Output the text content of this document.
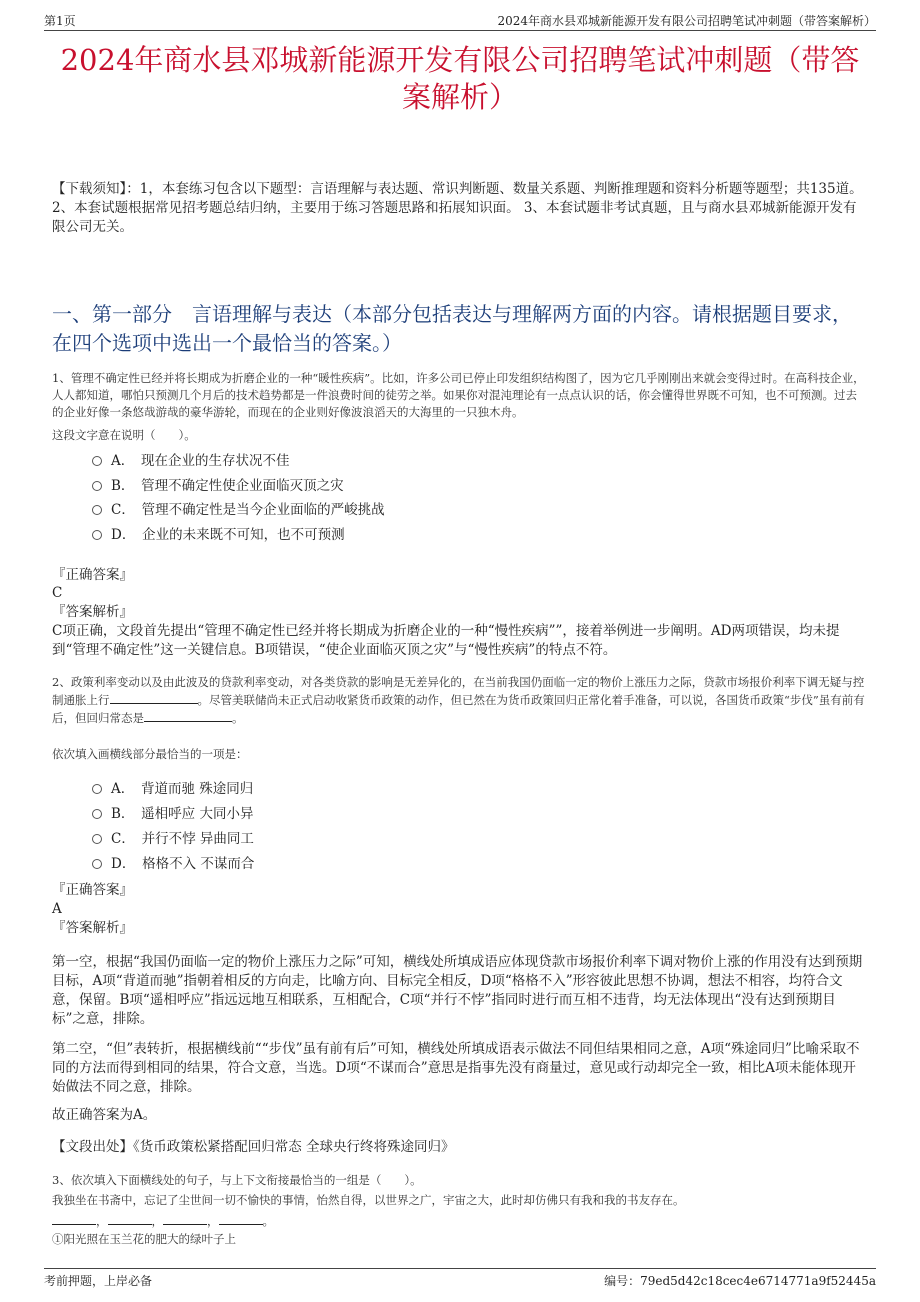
第1页	2024年商水县邓城新能源开发有限公司招聘笔试冲刺题（带答案解析）
2024年商水县邓城新能源开发有限公司招聘笔试冲刺题（带答案解析）

【下载须知】：1，本套练习包含以下题型：言语理解与表达题、常识判断题、数量关系题、判断推理题和资料分析题等题型；共135道。 2、本套试题根据常见招考题总结归纳，主要用于练习答题思路和拓展知识面。 3、本套试题非考试真题，且与商水县邓城新能源开发有限公司无关。

一、第一部分　言语理解与表达（本部分包括表达与理解两方面的内容。请根据题目要求，在四个选项中选出一个最恰当的答案。）

1、管理不确定性已经并将长期成为折磨企业的一种“暖性疾病”。比如，许多公司已停止印发组织结构图了，因为它几乎刚刚出来就会变得过时。在高科技企业，人人都知道，哪怕只预测几个月后的技术趋势都是一件浪费时间的徒劳之举。如果你对混沌理论有一点点认识的话，你会懂得世界既不可知，也不可预测。过去的企业好像一条悠哉游哉的豪华游轮，而现在的企业则好像波浪滔天的大海里的一只独木舟。

这段文字意在说明（　　）。

A．　现在企业的生存状况不佳
B．　管理不确定性使企业面临灭顶之灾
C．　管理不确定性是当今企业面临的严峻挑战
D．　企业的未来既不可知，也不可预测

『正确答案』

C

『答案解析』

C项正确，文段首先提出“管理不确定性已经并将长期成为折磨企业的一种“慢性疾病””，接着举例进一步阐明。AD两项错误，均未提到“管理不确定性”这一关键信息。B项错误，“使企业面临灭顶之灾”与“慢性疾病”的特点不符。

2、政策利率变动以及由此波及的贷款利率变动，对各类贷款的影响是无差异化的，在当前我国仍面临一定的物价上涨压力之际，贷款市场报价利率下调无疑与控制通胀上行	。尽管美联储尚未正式启动收紧货币政策的动作，但已然在为货币政策回归正常化着手准备，可以说，各国货币政策“步伐”虽有前有后，但回归常态是	。

依次填入画横线部分最恰当的一项是：

A．　背道而驰 殊途同归
B．　遥相呼应 大同小异
C．　并行不悖 异曲同工
D．　格格不入 不谋而合

『正确答案』

A

『答案解析』

第一空，根据“我国仍面临一定的物价上涨压力之际”可知，横线处所填成语应体现贷款市场报价利率下调对物价上涨的作用没有达到预期目标，A项“背道而驰”指朝着相反的方向走，比喻方向、目标完全相反，D项“格格不入”形容彼此思想不协调，想法不相容，均符合文意，保留。B项“遥相呼应”指远远地互相联系，互相配合，C项“并行不悖”指同时进行而互相不违背，均无法体现出“没有达到预期目标”之意，排除。

第二空，“但”表转折，根据横线前““步伐”虽有前有后”可知，横线处所填成语表示做法不同但结果相同之意，A项“殊途同归”比喻采取不同的方法而得到相同的结果，符合文意，当选。D项“不谋而合”意思是指事先没有商量过，意见或行动却完全一致，相比A项未能体现开始做法不同之意，排除。

故正确答案为A。

【文段出处】《货币政策松紧搭配回归常态 全球央行终将殊途同归》

3、依次填入下面横线处的句子，与上下文衔接最恰当的一组是（　　）。

我独坐在书斋中，忘记了尘世间一切不愉快的事情，怡然自得，以世界之广，宇宙之大，此时却仿佛只有我和我的书友存在。

，	，	，	。

①阳光照在玉兰花的肥大的绿叶子上

考前押题，上岸必备	编号：79ed5d42c18cec4e6714771a9f52445a
